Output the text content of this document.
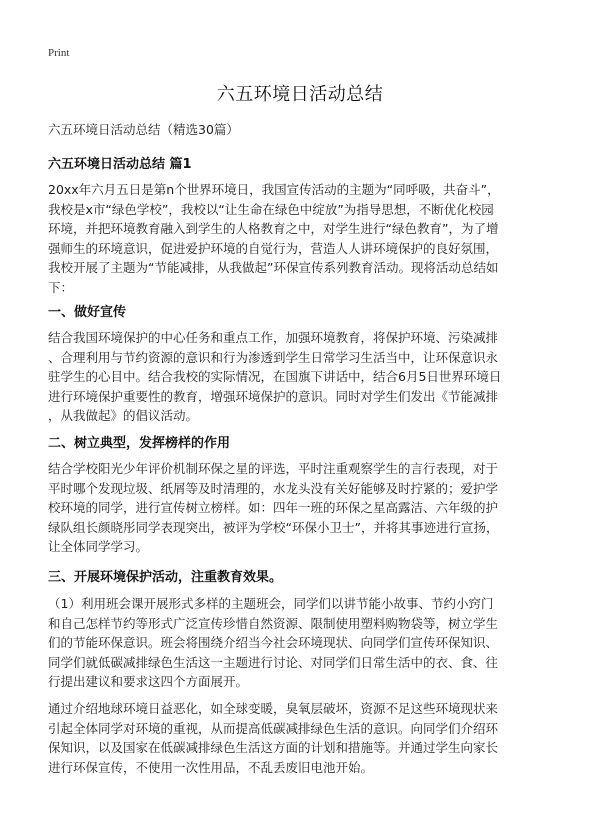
Print
六五环境日活动总结
六五环境日活动总结（精选30篇）
六五环境日活动总结 篇1

20xx年六月五日是第n个世界环境日，我国宣传活动的主题为“同呼吸，共奋斗”，
我校是x市“绿色学校”，我校以“让生命在绿色中绽放”为指导思想，不断优化校园
环境，并把环境教育融入到学生的人格教育之中，对学生进行“绿色教育”，为了增
强师生的环境意识，促进爱护环境的自觉行为，营造人人讲环境保护的良好氛围，
我校开展了主题为“节能减排，从我做起”环保宣传系列教育活动。现将活动总结如
下：

一、做好宣传

结合我国环境保护的中心任务和重点工作，加强环境教育，将保护环境、污染减排
、合理利用与节约资源的意识和行为渗透到学生日常学习生活当中，让环保意识永
驻学生的心目中。结合我校的实际情况，在国旗下讲话中，结合6月5日世界环境日
进行环境保护重要性的教育，增强环境保护的意识。同时对学生们发出《节能减排
，从我做起》的倡议活动。

二、树立典型，发挥榜样的作用

结合学校阳光少年评价机制环保之星的评选，平时注重观察学生的言行表现，对于
平时哪个发现垃圾、纸屑等及时清理的，水龙头没有关好能够及时拧紧的；爱护学
校环境的同学，进行宣传树立榜样。如：四年一班的环保之星高露洁、六年级的护
绿队组长颜晓彤同学表现突出，被评为学校“环保小卫士”，并将其事迹进行宣扬，
让全体同学学习。

三、开展环境保护活动，注重教育效果。

（1）利用班会课开展形式多样的主题班会，同学们以讲节能小故事、节约小窍门
和自己怎样节约等形式广泛宣传珍惜自然资源、限制使用塑料购物袋等，树立学生
们的节能环保意识。班会将围绕介绍当今社会环境现状、向同学们宣传环保知识、
同学们就低碳减排绿色生活这一主题进行讨论、对同学们日常生活中的衣、食、往
行提出建议和要求这四个方面展开。

通过介绍地球环境日益恶化，如全球变暖，臭氧层破坏，资源不足这些环境现状来
引起全体同学对环境的重视，从而提高低碳减排绿色生活的意识。向同学们介绍环
保知识，以及国家在低碳减排绿色生活这方面的计划和措施等。并通过学生向家长
进行环保宣传，不使用一次性用品，不乱丢废旧电池开始。
